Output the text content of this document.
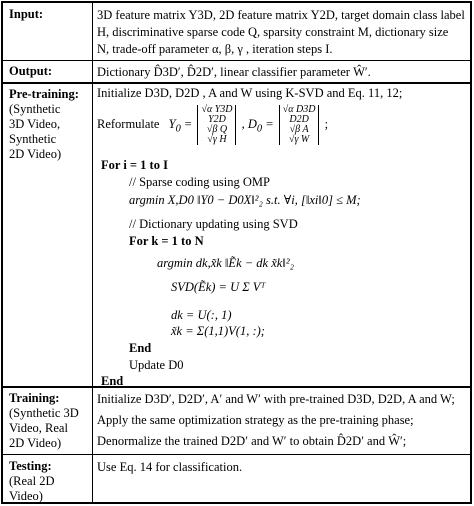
Input:	3D feature matrix Y3D, 2D feature matrix Y2D, target domain class label
H, discriminative sparse code Q, sparsity constraint M, dictionary size
N, trade-off parameter α, β, γ , iteration steps I.
Output:	Dictionary D̂3D′, D̂2D′, linear classifier parameter Ŵ′.
Pre-training:
(Synthetic
3D Video,
Synthetic
2D Video)
Initialize D3D, D2D , A and W using K-SVD and Eq. 11, 12;
Reformulate $Y_0 = √\alpha$ Y3D
Y2D
√β Q
√γ H , $D_0 = √\alpha$ D3D
D2D
√β A
√γ W ;
For i = 1 to I
// Sparse coding using OMP
argmin X,D0 ‖Y0 − D0X‖²₂ s.t. ∀i, [‖xi‖0] ≤ M;
// Dictionary updating using SVD
For k = 1 to N
argmin dk,x̃k ‖Ẽk − dk x̃k‖²₂
SVD(Ẽk) = U Σ Vᵀ
dk = U(:, 1)
x̃k = Σ(1,1)V(1, :);
End
Update D0
End
Training:
(Synthetic 3D
Video, Real
2D Video)
Initialize D3D′, D2D′, A′ and W′ with pre-trained D3D, D2D, A and W;
Apply the same optimization strategy as the pre-training phase;
Denormalize the trained D2D′ and W′ to obtain D̂2D′ and Ŵ′;
Testing:
(Real 2D
Video)
Use Eq. 14 for classification.
